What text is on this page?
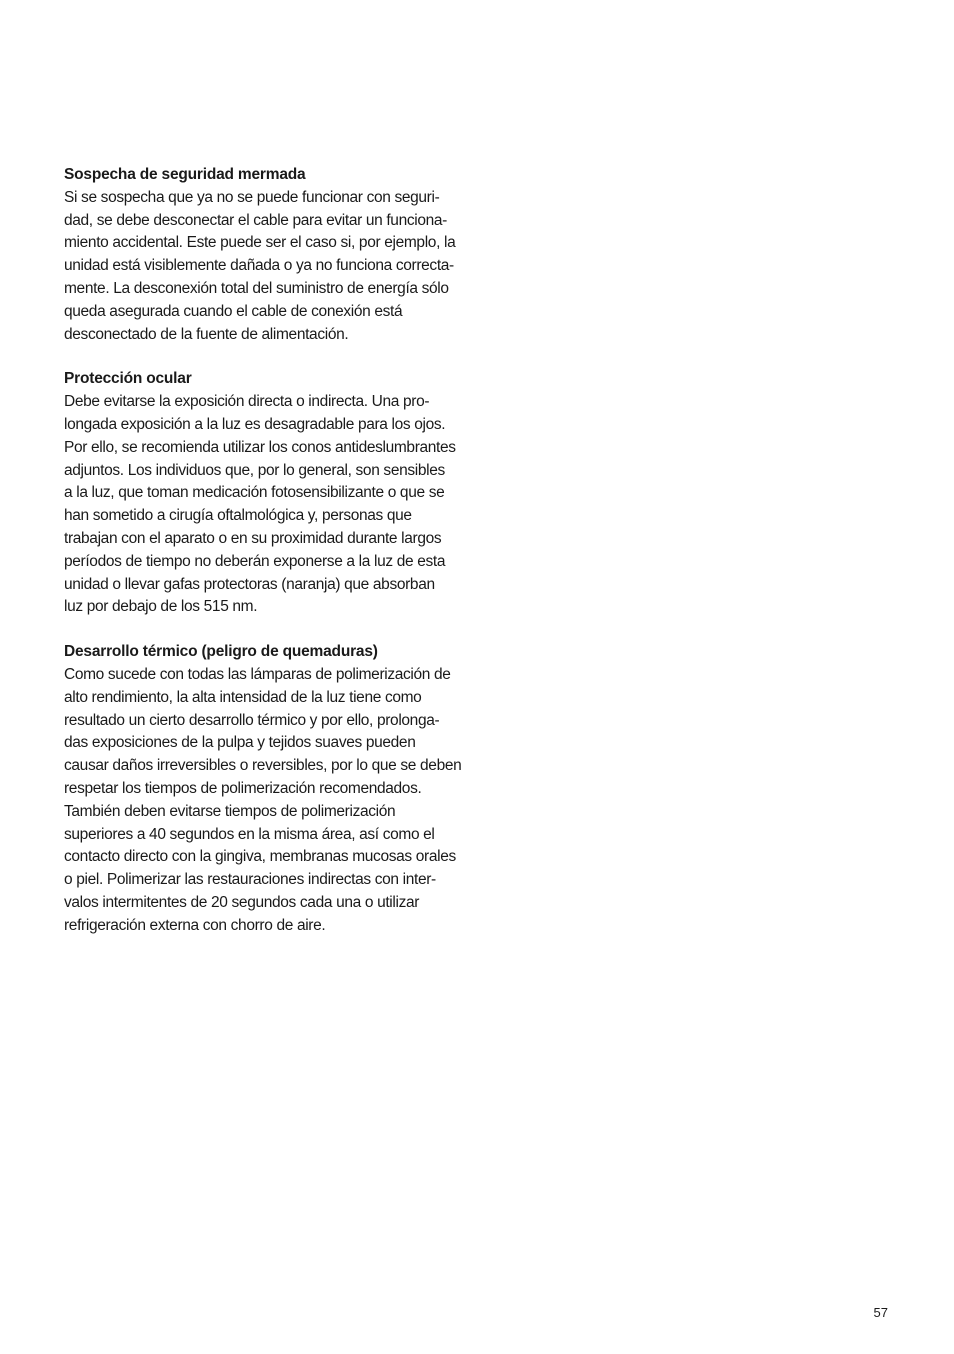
Sospecha de seguridad mermada

Si se sospecha que ya no se puede funcionar con seguri-
dad, se debe desconectar el cable para evitar un funciona-
miento accidental. Este puede ser el caso si, por ejemplo, la
unidad está visiblemente dañada o ya no funciona correcta-
mente. La desconexión total del suministro de energía sólo
queda asegurada cuando el cable de conexión está
desconectado de la fuente de alimentación.

Protección ocular

Debe evitarse la exposición directa o indirecta. Una pro-
longada exposición a la luz es desagradable para los ojos.
Por ello, se recomienda utilizar los conos antideslumbrantes
adjuntos. Los individuos que, por lo general, son sensibles
a la luz, que toman medicación fotosensibilizante o que se
han sometido a cirugía oftalmológica y, personas que
trabajan con el aparato o en su proximidad durante largos
períodos de tiempo no deberán exponerse a la luz de esta
unidad o llevar gafas protectoras (naranja) que absorban
luz por debajo de los 515 nm.

Desarrollo térmico (peligro de quemaduras)

Como sucede con todas las lámparas de polimerización de
alto rendimiento, la alta intensidad de la luz tiene como
resultado un cierto desarrollo térmico y por ello, prolonga-
das exposiciones de la pulpa y tejidos suaves pueden
causar daños irreversibles o reversibles, por lo que se deben
respetar los tiempos de polimerización recomendados.
También deben evitarse tiempos de polimerización
superiores a 40 segundos en la misma área, así como el
contacto directo con la gingiva, membranas mucosas orales
o piel. Polimerizar las restauraciones indirectas con inter-
valos intermitentes de 20 segundos cada una o utilizar
refrigeración externa con chorro de aire.
57
